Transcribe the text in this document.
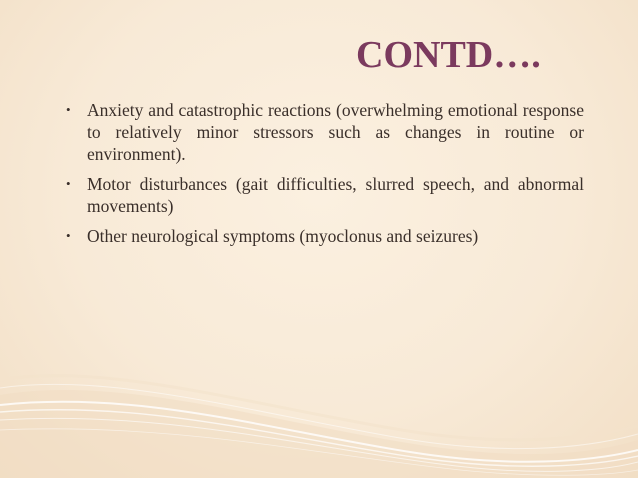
CONTD….
• Anxiety and catastrophic reactions (overwhelming emotional response to relatively minor stressors such as changes in routine or environment).
• Motor disturbances (gait difficulties, slurred speech, and abnormal movements)
• Other neurological symptoms (myoclonus and seizures)
